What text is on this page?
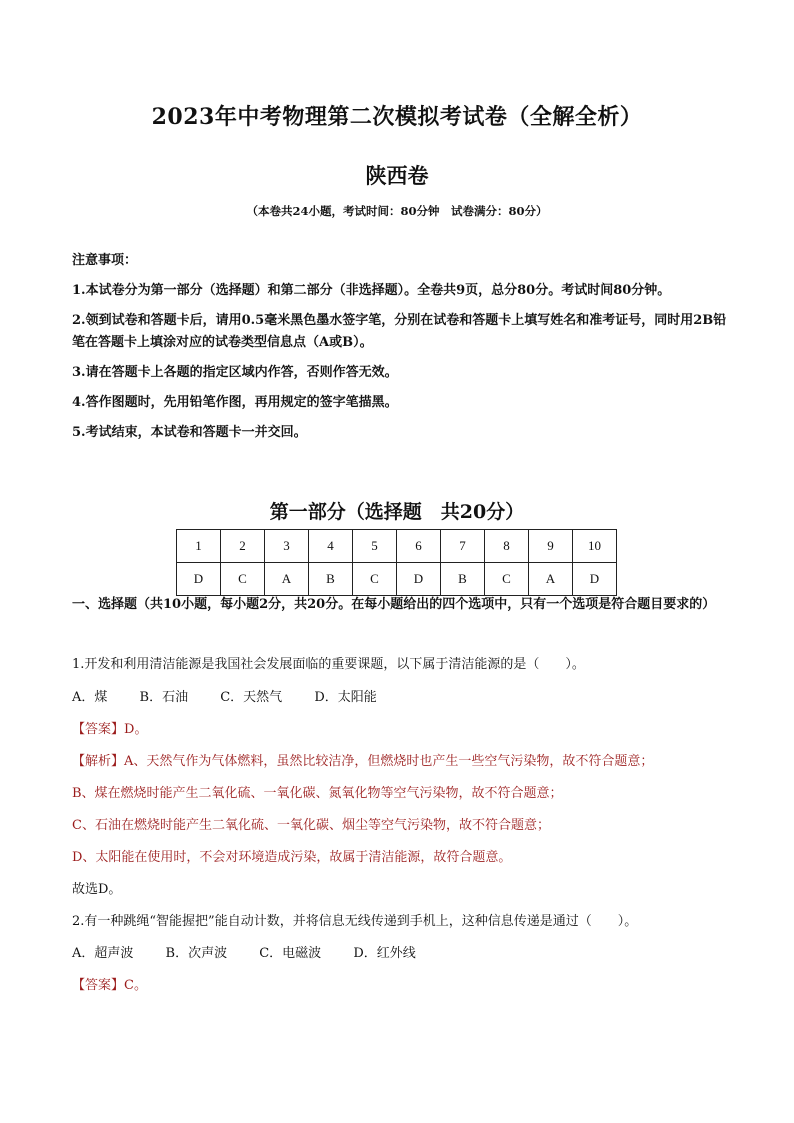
2023年中考物理第二次模拟考试卷（全解全析）
陕西卷
（本卷共24小题，考试时间：80分钟　试卷满分：80分）

注意事项：

1.本试卷分为第一部分（选择题）和第二部分（非选择题）。全卷共9页，总分80分。考试时间80分钟。

2.领到试卷和答题卡后，请用0.5毫米黑色墨水签字笔，分别在试卷和答题卡上填写姓名和准考证号，同时用2B铅笔在答题卡上填涂对应的试卷类型信息点（A或B）。

3.请在答题卡上各题的指定区域内作答，否则作答无效。

4.答作图题时，先用铅笔作图，再用规定的签字笔描黑。

5.考试结束，本试卷和答题卡一并交回。

第一部分（选择题　共20分）
1	2	3	4	5	6	7	8	9	10
D	C	A	B	C	D	B	C	A	D
一、选择题（共10小题，每小题2分，共20分。在每小题给出的四个选项中，只有一个选项是符合题目要求的）
1.开发和利用清洁能源是我国社会发展面临的重要课题，以下属于清洁能源的是（　　）。
A．煤 B．石油 C．天然气 D．太阳能
【答案】D。
【解析】A、天然气作为气体燃料，虽然比较洁净，但燃烧时也产生一些空气污染物，故不符合题意；
B、煤在燃烧时能产生二氧化硫、一氧化碳、氮氧化物等空气污染物，故不符合题意；
C、石油在燃烧时能产生二氧化硫、一氧化碳、烟尘等空气污染物，故不符合题意；
D、太阳能在使用时，不会对环境造成污染，故属于清洁能源，故符合题意。
故选D。
2.有一种跳绳“智能握把”能自动计数，并将信息无线传递到手机上，这种信息传递是通过（　　）。
A．超声波 B．次声波 C．电磁波 D．红外线
【答案】C。
